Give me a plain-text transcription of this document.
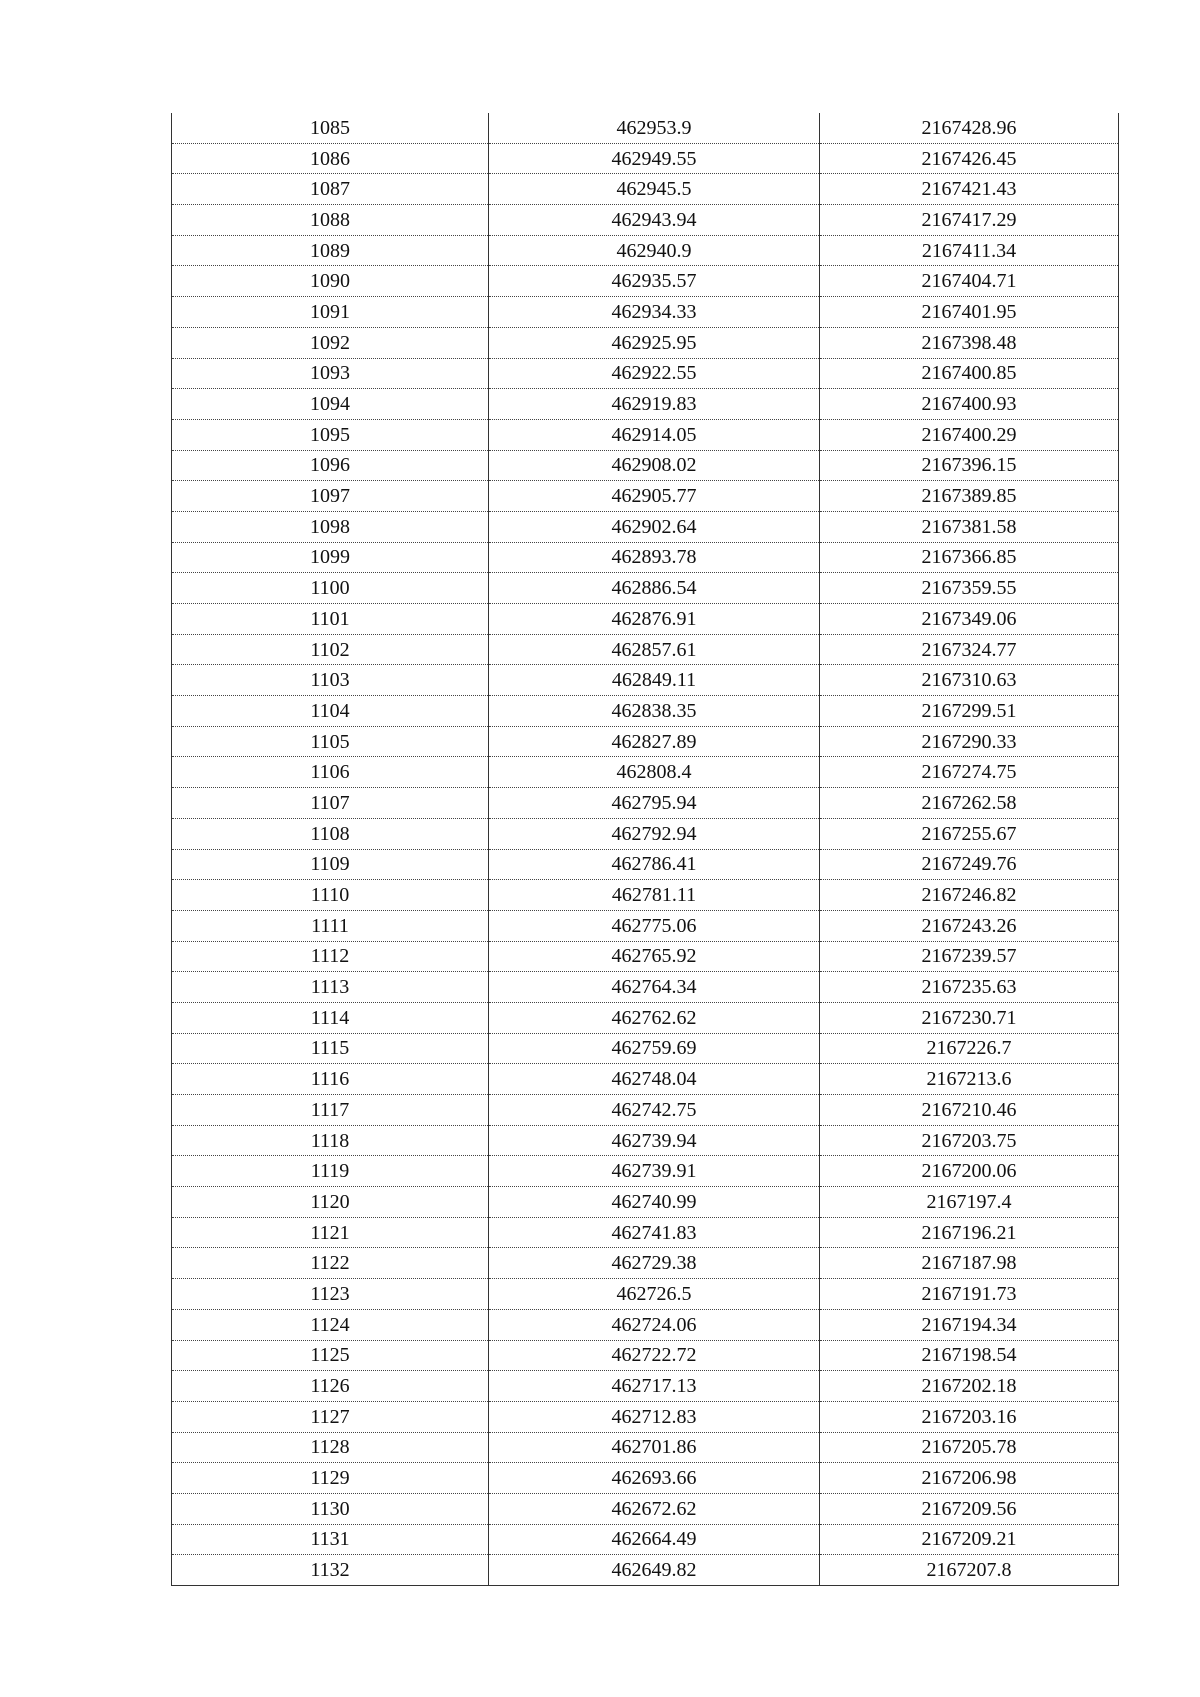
1085	462953.9	2167428.96
1086	462949.55	2167426.45
1087	462945.5	2167421.43
1088	462943.94	2167417.29
1089	462940.9	2167411.34
1090	462935.57	2167404.71
1091	462934.33	2167401.95
1092	462925.95	2167398.48
1093	462922.55	2167400.85
1094	462919.83	2167400.93
1095	462914.05	2167400.29
1096	462908.02	2167396.15
1097	462905.77	2167389.85
1098	462902.64	2167381.58
1099	462893.78	2167366.85
1100	462886.54	2167359.55
1101	462876.91	2167349.06
1102	462857.61	2167324.77
1103	462849.11	2167310.63
1104	462838.35	2167299.51
1105	462827.89	2167290.33
1106	462808.4	2167274.75
1107	462795.94	2167262.58
1108	462792.94	2167255.67
1109	462786.41	2167249.76
1110	462781.11	2167246.82
1111	462775.06	2167243.26
1112	462765.92	2167239.57
1113	462764.34	2167235.63
1114	462762.62	2167230.71
1115	462759.69	2167226.7
1116	462748.04	2167213.6
1117	462742.75	2167210.46
1118	462739.94	2167203.75
1119	462739.91	2167200.06
1120	462740.99	2167197.4
1121	462741.83	2167196.21
1122	462729.38	2167187.98
1123	462726.5	2167191.73
1124	462724.06	2167194.34
1125	462722.72	2167198.54
1126	462717.13	2167202.18
1127	462712.83	2167203.16
1128	462701.86	2167205.78
1129	462693.66	2167206.98
1130	462672.62	2167209.56
1131	462664.49	2167209.21
1132	462649.82	2167207.8
